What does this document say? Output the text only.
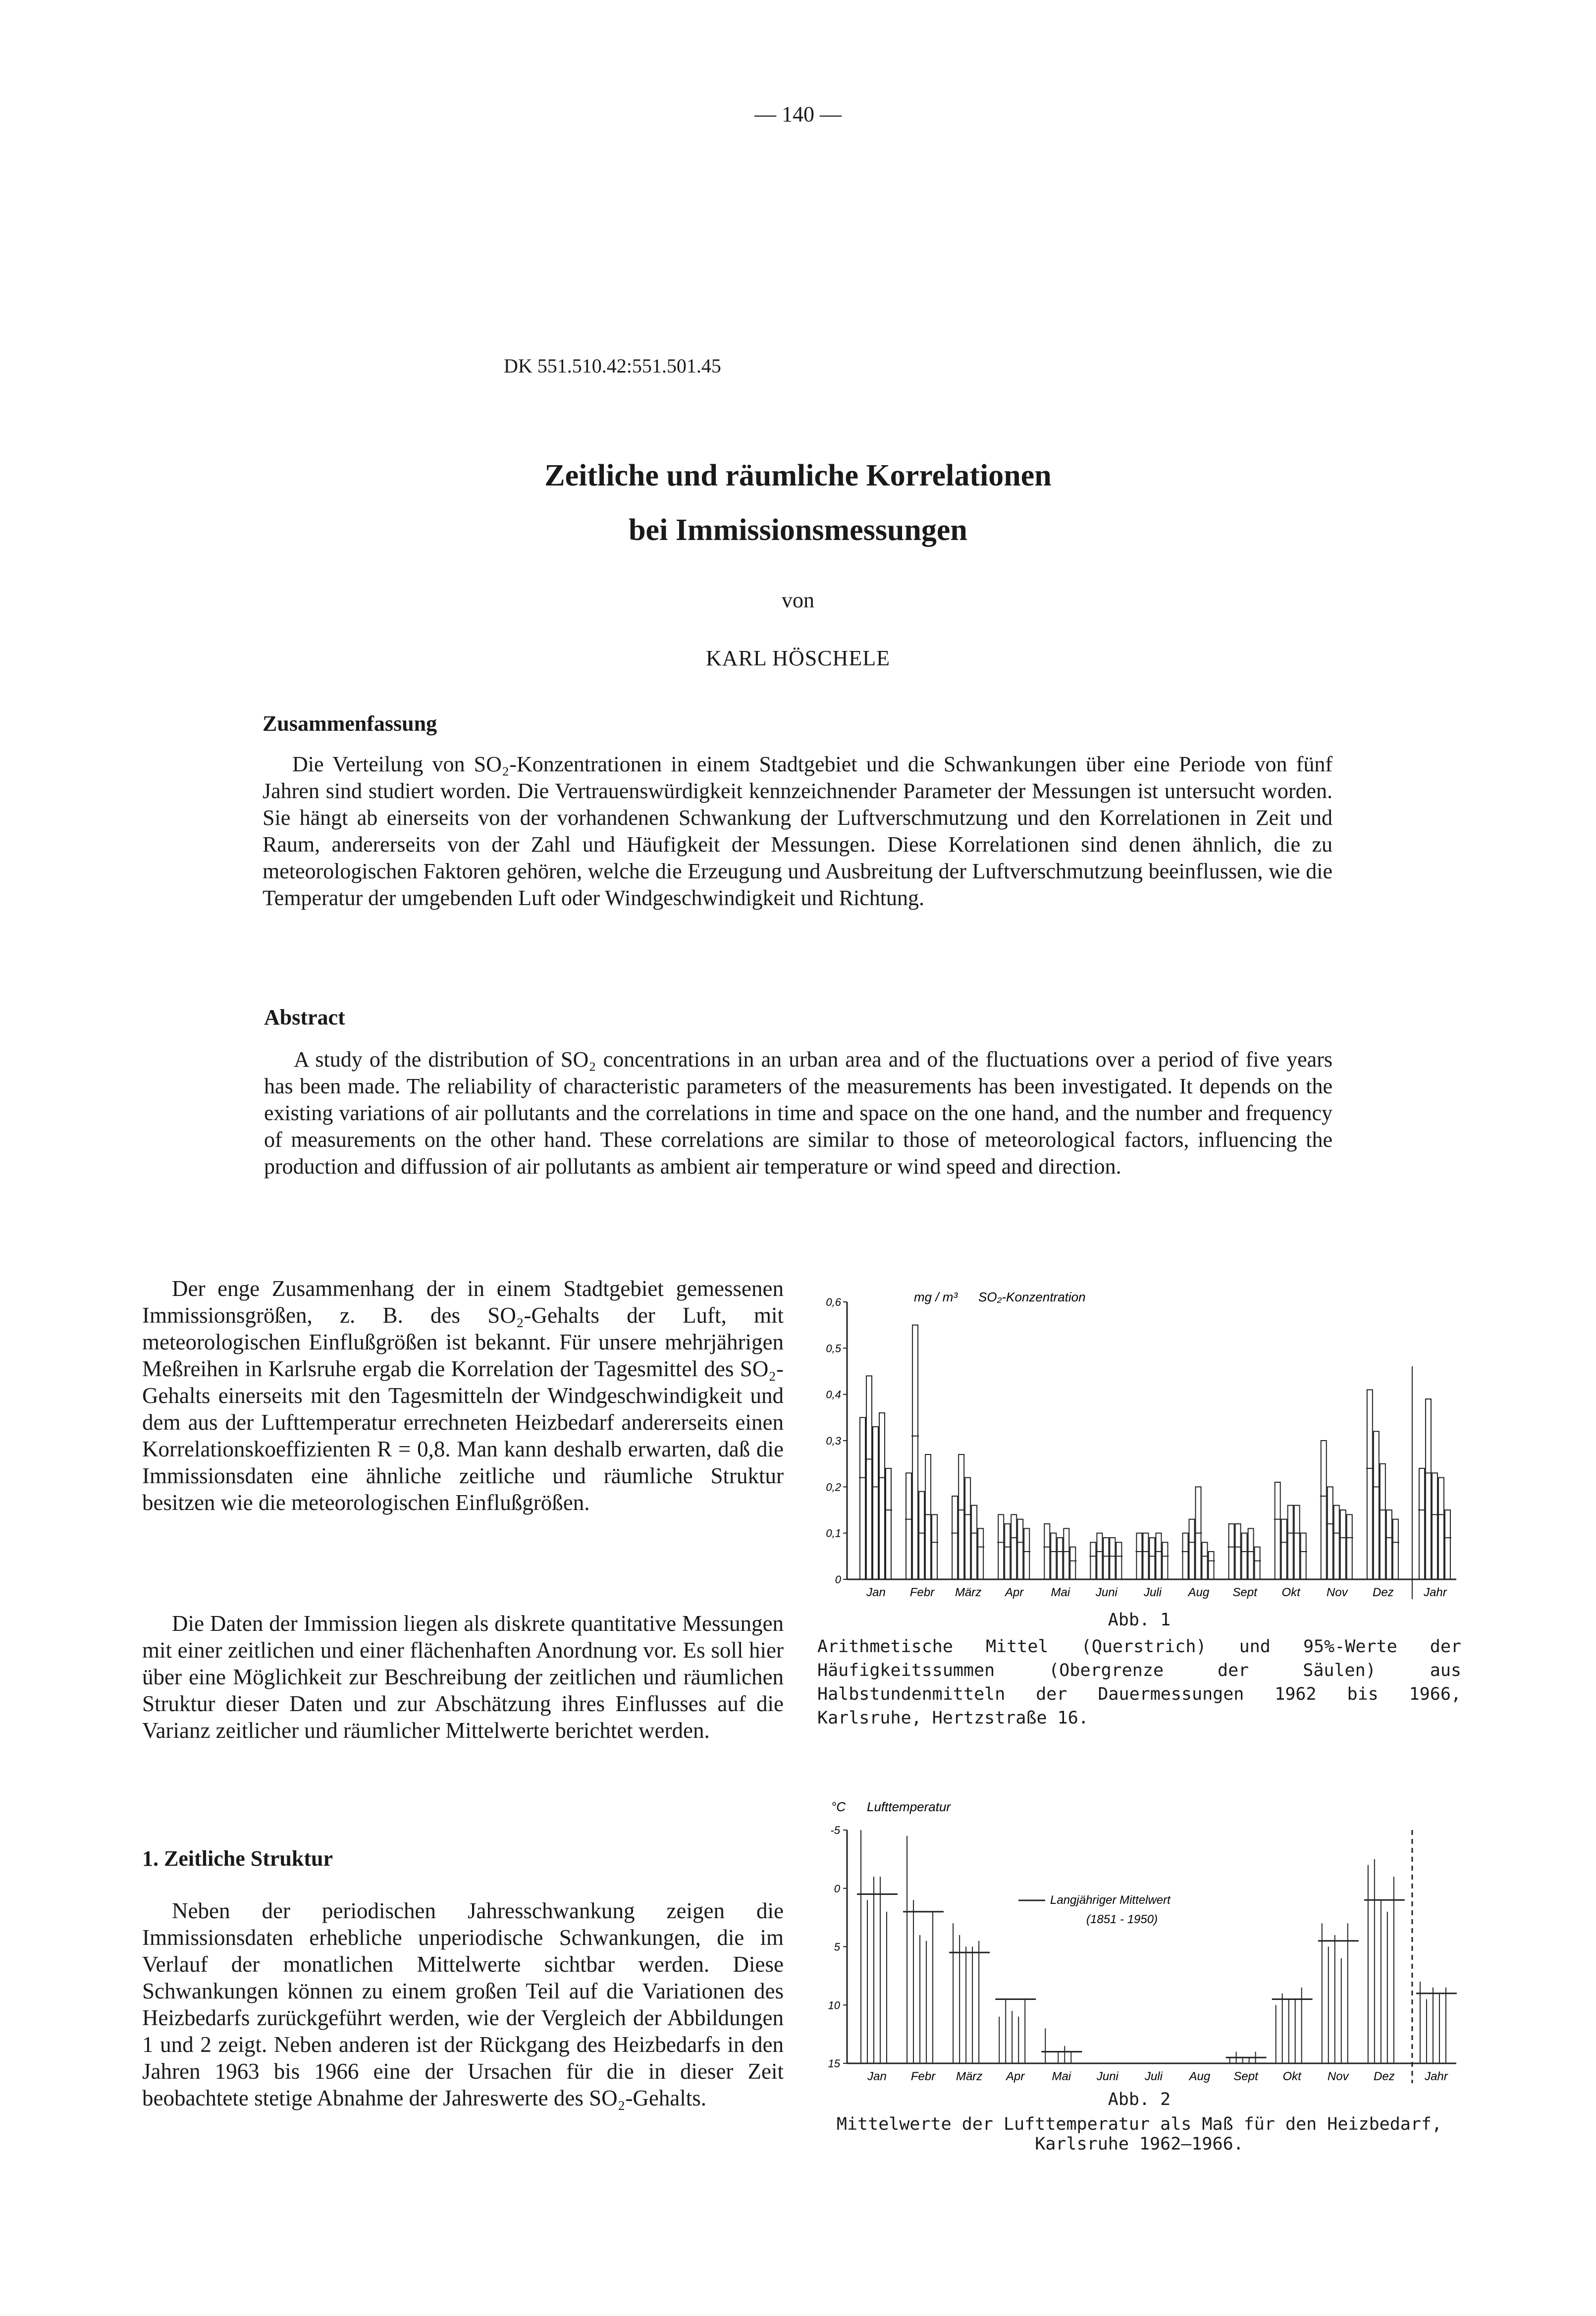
— 140 —
DK 551.510.42:551.501.45
Zeitliche und räumliche Korrelationen
bei Immissionsmessungen
von
KARL HÖSCHELE
Zusammenfassung
Die Verteilung von SO₂-Konzentrationen in einem Stadtgebiet und die Schwankungen über eine Periode von fünf Jahren sind studiert worden. Die Vertrauenswürdigkeit kennzeichnender Parameter der Messungen ist untersucht worden. Sie hängt ab einerseits von der vorhandenen Schwankung der Luftverschmutzung und den Korrelationen in Zeit und Raum, andererseits von der Zahl und Häufigkeit der Messungen. Diese Korrelationen sind denen ähnlich, die zu meteorologischen Faktoren gehören, welche die Erzeugung und Ausbreitung der Luftverschmutzung beeinflussen, wie die Temperatur der umgebenden Luft oder Windgeschwindigkeit und Richtung.
Abstract
A study of the distribution of SO₂ concentrations in an urban area and of the fluctuations over a period of five years has been made. The reliability of characteristic parameters of the measurements has been investigated. It depends on the existing variations of air pollutants and the correlations in time and space on the one hand, and the number and frequency of measurements on the other hand. These correlations are similar to those of meteorological factors, influencing the production and diffussion of air pollutants as ambient air temperature or wind speed and direction.
Der enge Zusammenhang der in einem Stadtgebiet gemessenen Immissionsgrößen, z. B. des SO₂-Gehalts der Luft, mit meteorologischen Einflußgrößen ist bekannt. Für unsere mehrjährigen Meßreihen in Karlsruhe ergab die Korrelation der Tagesmittel des SO₂-Gehalts einerseits mit den Tagesmitteln der Windgeschwindigkeit und dem aus der Lufttemperatur errechneten Heizbedarf andererseits einen Korrelationskoeffizienten R = 0,8. Man kann deshalb erwarten, daß die Immissionsdaten eine ähnliche zeitliche und räumliche Struktur besitzen wie die meteorologischen Einflußgrößen.
Die Daten der Immission liegen als diskrete quantitative Messungen mit einer zeitlichen und einer flächenhaften Anordnung vor. Es soll hier über eine Möglichkeit zur Beschreibung der zeitlichen und räumlichen Struktur dieser Daten und zur Abschätzung ihres Einflusses auf die Varianz zeitlicher und räumlicher Mittelwerte berichtet werden.
1. Zeitliche Struktur
Neben der periodischen Jahresschwankung zeigen die Immissionsdaten erhebliche unperiodische Schwankungen, die im Verlauf der monatlichen Mittelwerte sichtbar werden. Diese Schwankungen können zu einem großen Teil auf die Variationen des Heizbedarfs zurückgeführt werden, wie der Vergleich der Abbildungen 1 und 2 zeigt. Neben anderen ist der Rückgang des Heizbedarfs in den Jahren 1963 bis 1966 eine der Ursachen für die in dieser Zeit beobachtete stetige Abnahme der Jahreswerte des SO₂-Gehalts.
0
0,1
0,2
0,3
0,4
0,5
0,6
Jan Febr März Apr Mai Juni Juli Aug Sept Okt Nov Dez	Jahr
mg / m³ SO₂-Konzentration
Abb. 1
Arithmetische Mittel (Querstrich) und 95%-Werte der Häufigkeitssummen (Obergrenze der Säulen) aus Halbstundenmitteln der Dauermessungen 1962 bis 1966, Karlsruhe, Hertzstraße 16.
-5
0
5
10
15
Jan Febr März Apr Mai Juni Juli Aug Sept Okt Nov Dez	Jahr
°C Lufttemperatur
Langjähriger Mittelwert
(1851 - 1950)
Abb. 2
Mittelwerte der Lufttemperatur als Maß für den Heizbedarf, Karlsruhe 1962—1966.
